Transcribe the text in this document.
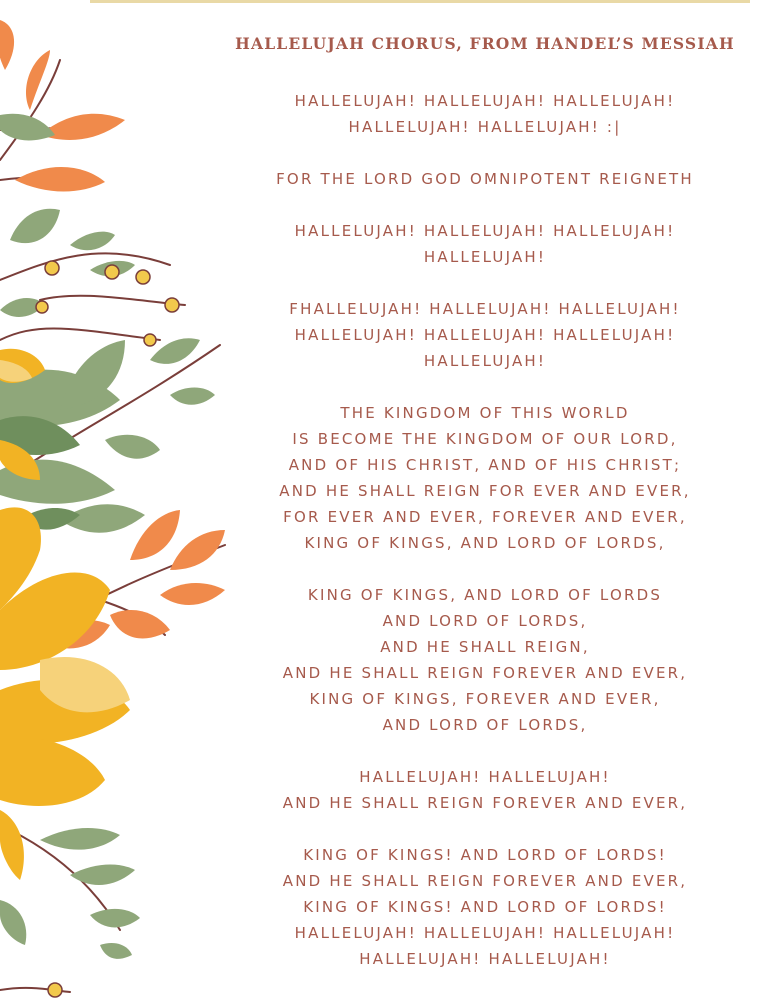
HALLELUJAH CHORUS, FROM HANDEL’S MESSIAH
HALLELUJAH! HALLELUJAH! HALLELUJAH!
HALLELUJAH! HALLELUJAH! :|
FOR THE LORD GOD OMNIPOTENT REIGNETH
HALLELUJAH! HALLELUJAH! HALLELUJAH!
HALLELUJAH!
FHALLELUJAH! HALLELUJAH! HALLELUJAH!
HALLELUJAH! HALLELUJAH! HALLELUJAH!
HALLELUJAH!
THE KINGDOM OF THIS WORLD
IS BECOME THE KINGDOM OF OUR LORD,
AND OF HIS CHRIST, AND OF HIS CHRIST;
AND HE SHALL REIGN FOR EVER AND EVER,
FOR EVER AND EVER, FOREVER AND EVER,
KING OF KINGS, AND LORD OF LORDS,
KING OF KINGS, AND LORD OF LORDS
AND LORD OF LORDS,
AND HE SHALL REIGN,
AND HE SHALL REIGN FOREVER AND EVER,
KING OF KINGS, FOREVER AND EVER,
AND LORD OF LORDS,
HALLELUJAH! HALLELUJAH!
AND HE SHALL REIGN FOREVER AND EVER,
KING OF KINGS! AND LORD OF LORDS!
AND HE SHALL REIGN FOREVER AND EVER,
KING OF KINGS! AND LORD OF LORDS!
HALLELUJAH! HALLELUJAH! HALLELUJAH!
HALLELUJAH! HALLELUJAH!
